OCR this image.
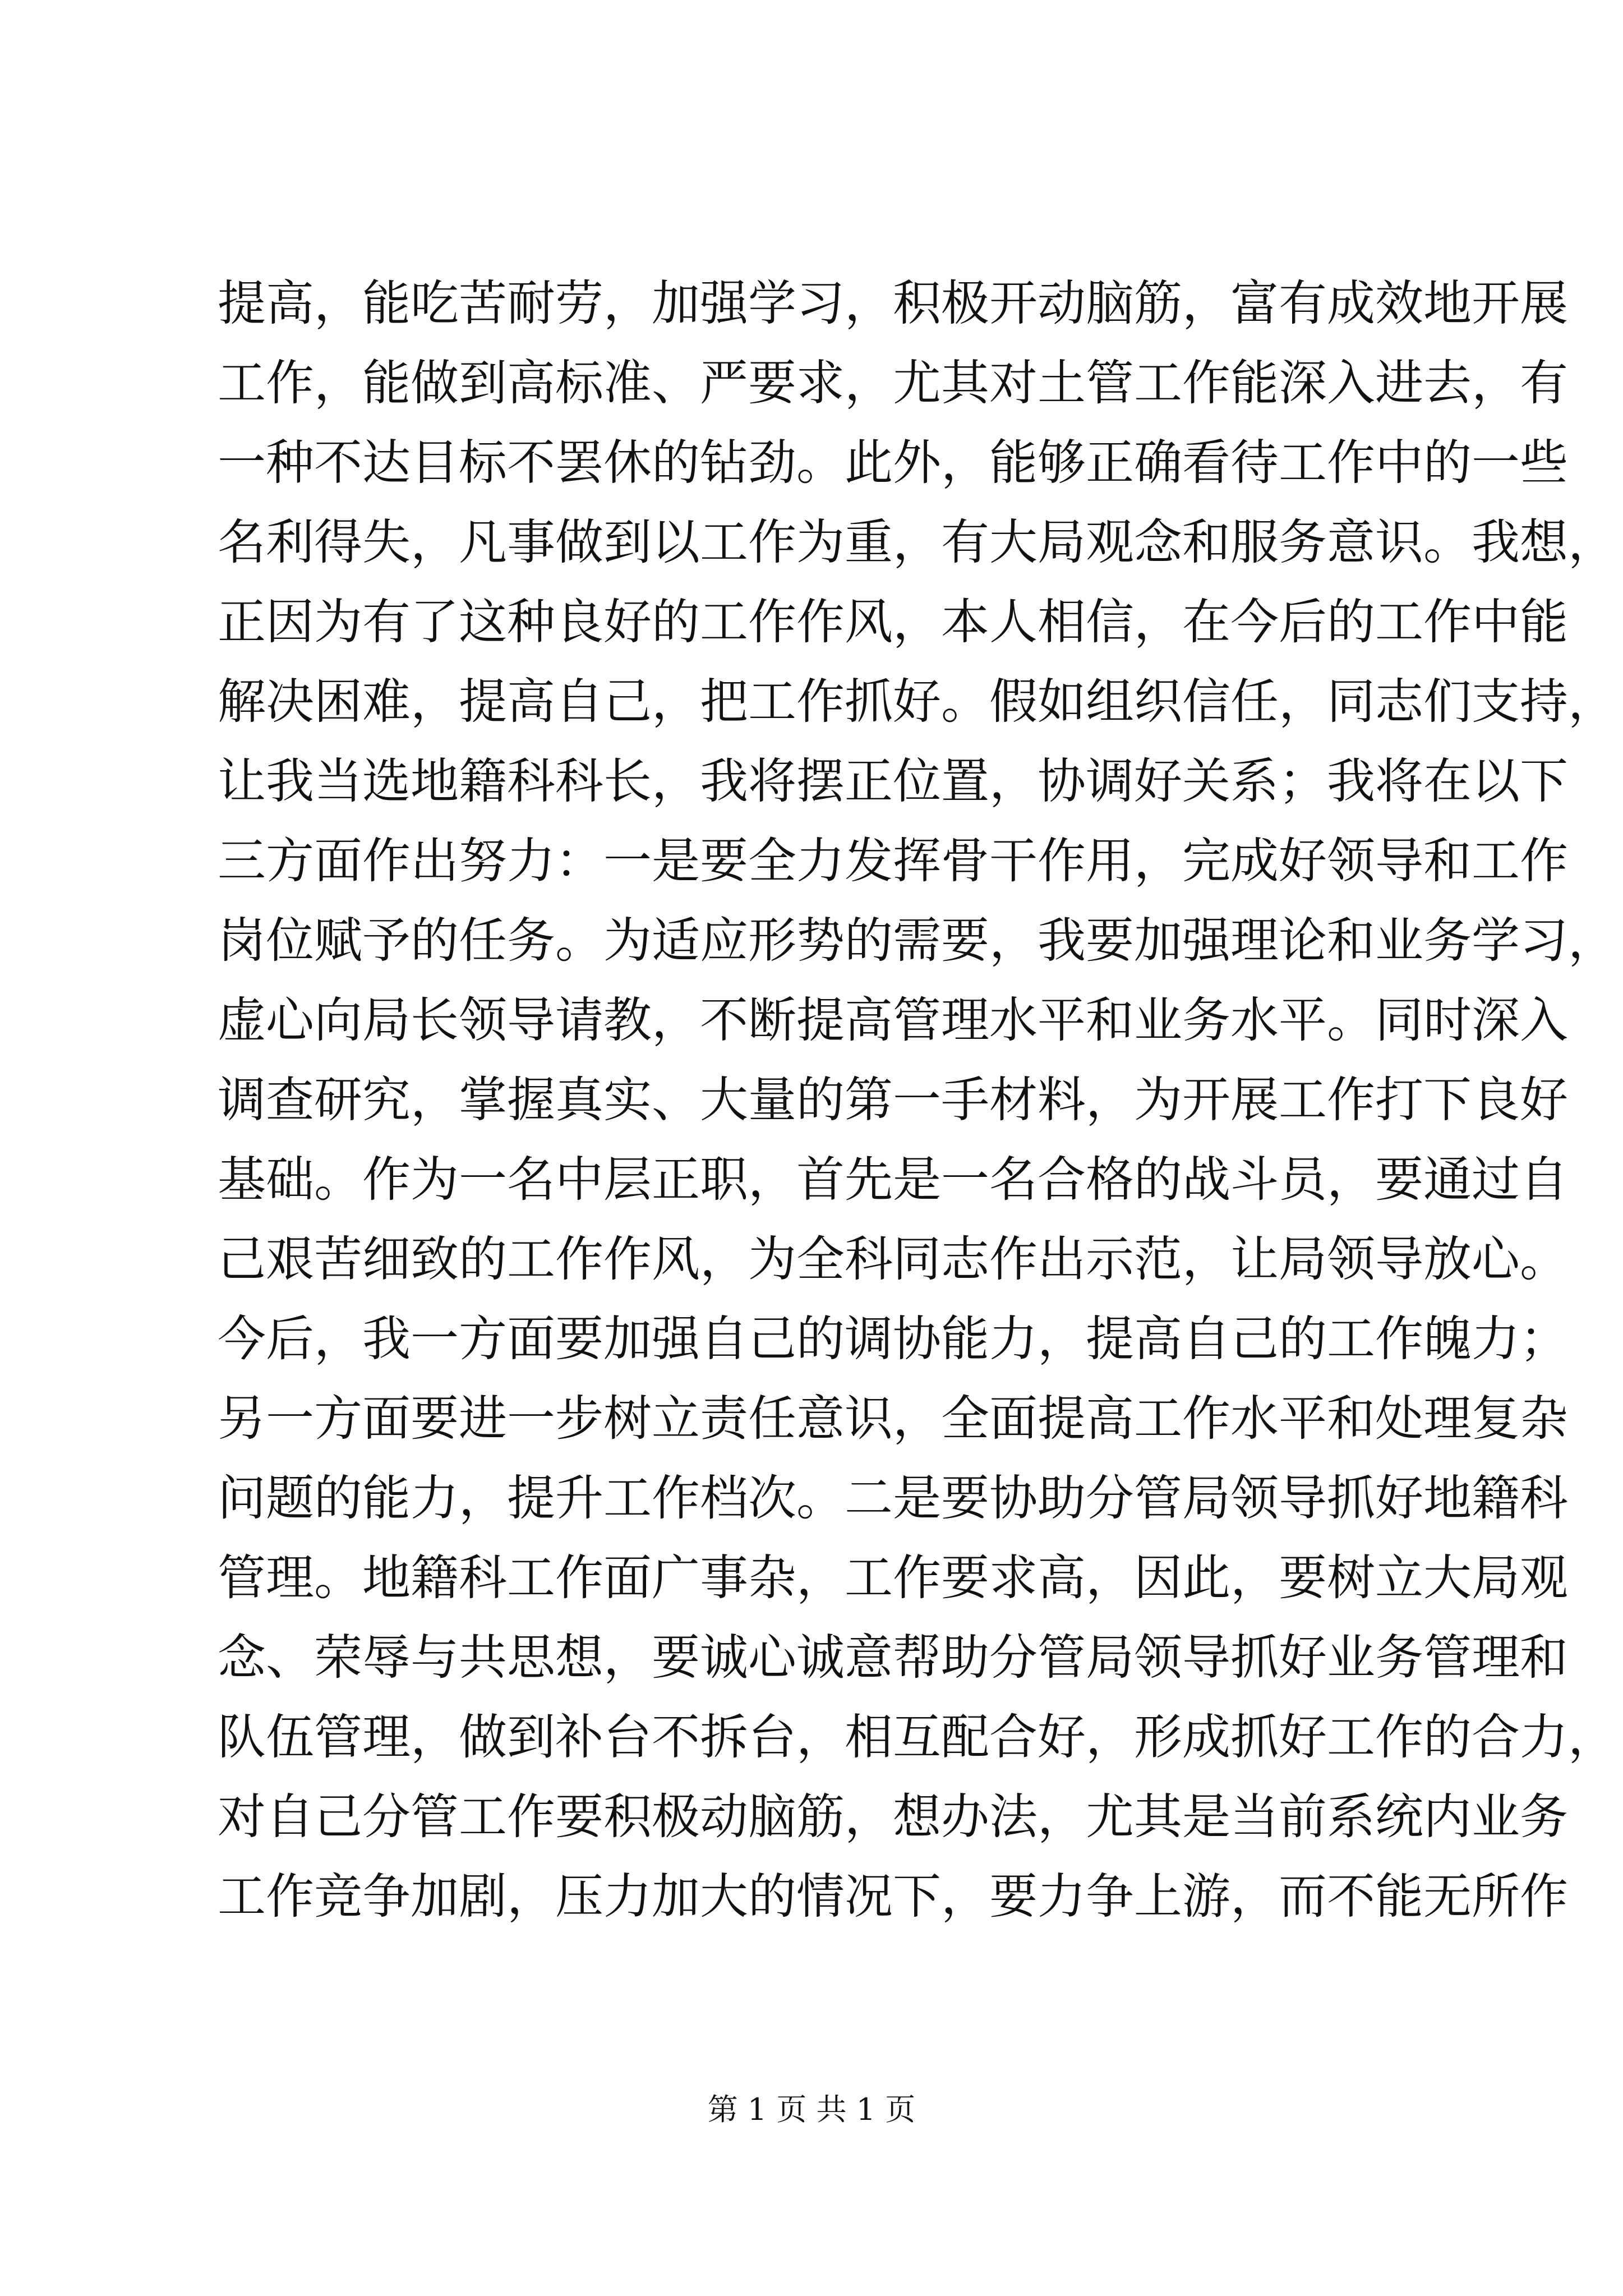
提高，能吃苦耐劳，加强学习，积极开动脑筋，富有成效地开展
工作，能做到高标准、严要求，尤其对土管工作能深入进去，有
一种不达目标不罢休的钻劲。此外，能够正确看待工作中的一些
名利得失，凡事做到以工作为重，有大局观念和服务意识。我想，
正因为有了这种良好的工作作风，本人相信，在今后的工作中能
解决困难，提高自己，把工作抓好。假如组织信任，同志们支持，
让我当选地籍科科长，我将摆正位置，协调好关系；我将在以下
三方面作出努力：一是要全力发挥骨干作用，完成好领导和工作
岗位赋予的任务。为适应形势的需要，我要加强理论和业务学习，
虚心向局长领导请教，不断提高管理水平和业务水平。同时深入
调查研究，掌握真实、大量的第一手材料，为开展工作打下良好
基础。作为一名中层正职，首先是一名合格的战斗员，要通过自
己艰苦细致的工作作风，为全科同志作出示范，让局领导放心。
今后，我一方面要加强自己的调协能力，提高自己的工作魄力；
另一方面要进一步树立责任意识，全面提高工作水平和处理复杂
问题的能力，提升工作档次。二是要协助分管局领导抓好地籍科
管理。地籍科工作面广事杂，工作要求高，因此，要树立大局观
念、荣辱与共思想，要诚心诚意帮助分管局领导抓好业务管理和
队伍管理，做到补台不拆台，相互配合好，形成抓好工作的合力，
对自己分管工作要积极动脑筋，想办法，尤其是当前系统内业务
工作竞争加剧，压力加大的情况下，要力争上游，而不能无所作
第 1 页 共 1 页
